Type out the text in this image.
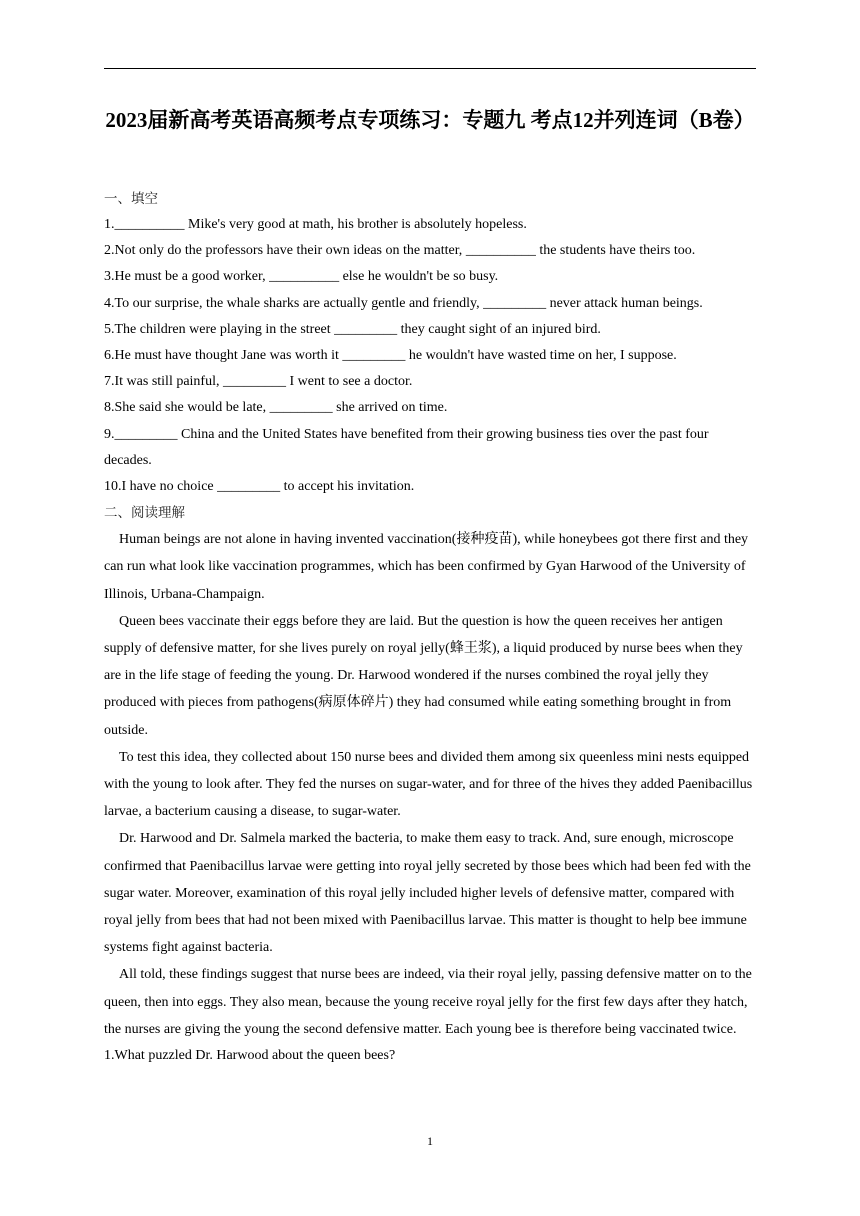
2023届新高考英语高频考点专项练习：专题九 考点12并列连词（B卷）
一、填空
1.__________ Mike's very good at math, his brother is absolutely hopeless.
2.Not only do the professors have their own ideas on the matter, __________ the students have theirs too.
3.He must be a good worker, __________ else he wouldn't be so busy.
4.To our surprise, the whale sharks are actually gentle and friendly, _________ never attack human beings.
5.The children were playing in the street _________ they caught sight of an injured bird.
6.He must have thought Jane was worth it _________ he wouldn't have wasted time on her, I suppose.
7.It was still painful, _________ I went to see a doctor.
8.She said she would be late, _________ she arrived on time.
9._________ China and the United States have benefited from their growing business ties over the past four decades.
10.I have no choice _________ to accept his invitation.
二、阅读理解

Human beings are not alone in having invented vaccination(接种疫苗), while honeybees got there first and they can run what look like vaccination programmes, which has been confirmed by Gyan Harwood of the University of Illinois, Urbana-Champaign.

Queen bees vaccinate their eggs before they are laid. But the question is how the queen receives her antigen supply of defensive matter, for she lives purely on royal jelly(蜂王浆), a liquid produced by nurse bees when they are in the life stage of feeding the young. Dr. Harwood wondered if the nurses combined the royal jelly they produced with pieces from pathogens(病原体碎片) they had consumed while eating something brought in from outside.

To test this idea, they collected about 150 nurse bees and divided them among six queenless mini nests equipped with the young to look after. They fed the nurses on sugar-water, and for three of the hives they added Paenibacillus larvae, a bacterium causing a disease, to sugar-water.

Dr. Harwood and Dr. Salmela marked the bacteria, to make them easy to track. And, sure enough, microscope confirmed that Paenibacillus larvae were getting into royal jelly secreted by those bees which had been fed with the sugar water. Moreover, examination of this royal jelly included higher levels of defensive matter, compared with royal jelly from bees that had not been mixed with Paenibacillus larvae. This matter is thought to help bee immune systems fight against bacteria.

All told, these findings suggest that nurse bees are indeed, via their royal jelly, passing defensive matter on to the queen, then into eggs. They also mean, because the young receive royal jelly for the first few days after they hatch, the nurses are giving the young the second defensive matter. Each young bee is therefore being vaccinated twice.

1.What puzzled Dr. Harwood about the queen bees?
1
